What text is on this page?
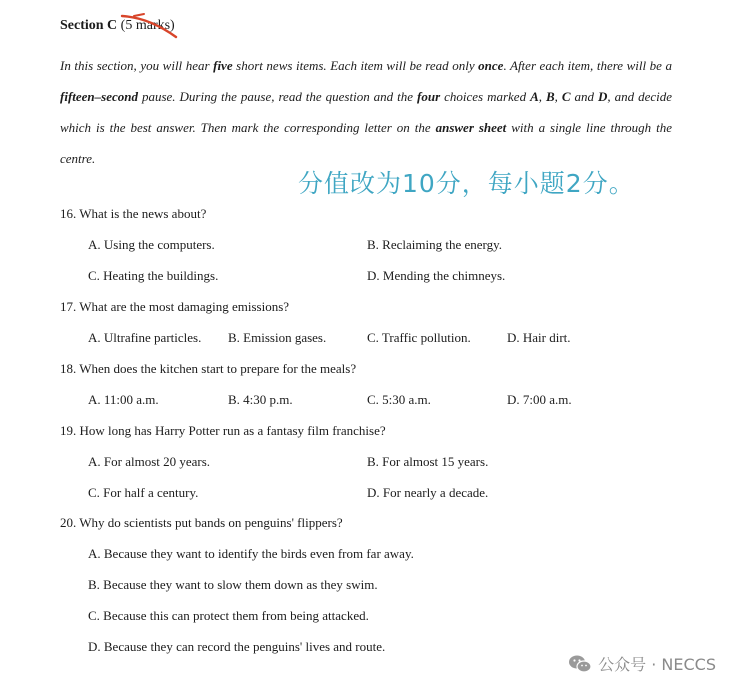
Section C (5 marks)
In this section, you will hear five short news items. Each item will be read only once. After each item, there will be a fifteen–second pause. During the pause, read the question and the four choices marked A, B, C and D, and decide which is the best answer. Then mark the corresponding letter on the answer sheet with a single line through the centre.
分值改为10分，每小题2分。
16. What is the news about?
A. Using the computers.	B. Reclaiming the energy.
C. Heating the buildings.	D. Mending the chimneys.
17. What are the most damaging emissions?
A. Ultrafine particles. B. Emission gases.	C. Traffic pollution.	D. Hair dirt.
18. When does the kitchen start to prepare for the meals?
A. 11:00 a.m.	B. 4:30 p.m.	C. 5:30 a.m.	D. 7:00 a.m.
19. How long has Harry Potter run as a fantasy film franchise?
A. For almost 20 years.	B. For almost 15 years.
C. For half a century.	D. For nearly a decade.
20. Why do scientists put bands on penguins' flippers?
A. Because they want to identify the birds even from far away.
B. Because they want to slow them down as they swim.
C. Because this can protect them from being attacked.
D. Because they can record the penguins' lives and route.
公众号 · NECCS
